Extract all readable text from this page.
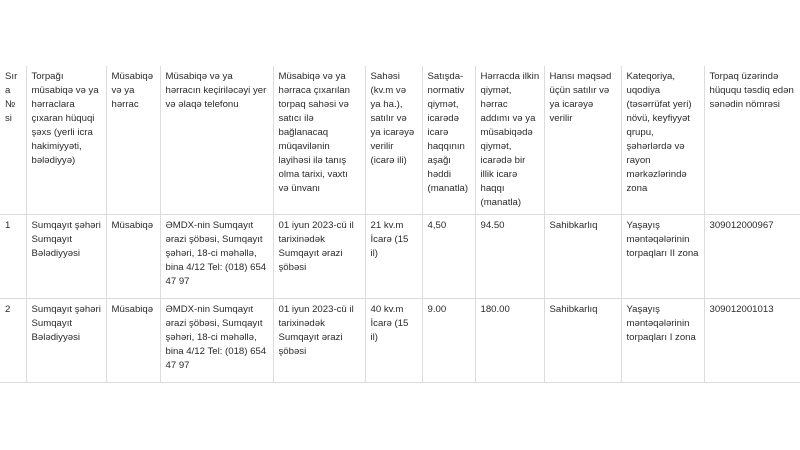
Sıra № si	Torpağı müsabiqə və ya hərraclara çıxaran hüquqi şəxs (yerli icra hakimiyyəti, bələdiyyə)	Müsabiqə və ya hərrac	Müsabiqə və ya hərracın keçiriləcəyi yer və əlaqə telefonu	Müsabiqə və ya hərraca çıxarılan torpaq sahəsi və satıcı ilə bağlanacaq müqavilənin layihəsi ilə tanış olma tarixi, vaxtı və ünvanı	Sahəsi (kv.m və ya ha.), satılır və ya icarəyə verilir (icarə ili)	Satışda-normativ qiymət, icarədə icarə haqqının aşağı həddi (manatla)	Hərracda ilkin qiymət, hərrac addımı və ya müsabiqədə qiymət, icarədə bir illik icarə haqqı (manatla)	Hansı məqsəd üçün satılır və ya icarəyə verilir	Kateqoriya, uqodiya (təsərrüfat yeri) növü, keyfiyyət qrupu, şəhərlərdə və rayon mərkəzlərində zona	Torpaq üzərində hüququ təsdiq edən sənədin nömrəsi
1	Sumqayıt şəhəri Sumqayıt Bələdiyyəsi	Müsabiqə	ƏMDX-nin Sumqayıt ərazi şöbəsi, Sumqayıt şəhəri, 18-ci məhəllə, bina 4/12 Tel: (018) 654 47 97	01 iyun 2023-cü il tarixinədək Sumqayıt ərazi şöbəsi	21 kv.m İcarə (15 il)	4,50	94.50	Sahibkarlıq	Yaşayış məntəqələrinin torpaqları II zona	309012000967
2	Sumqayıt şəhəri Sumqayıt Bələdiyyəsi	Müsabiqə	ƏMDX-nin Sumqayıt ərazi şöbəsi, Sumqayıt şəhəri, 18-ci məhəllə, bina 4/12 Tel: (018) 654 47 97	01 iyun 2023-cü il tarixinədək Sumqayıt ərazi şöbəsi	40 kv.m İcarə (15 il)	9.00	180.00	Sahibkarlıq	Yaşayış məntəqələrinin torpaqları I zona	309012001013
